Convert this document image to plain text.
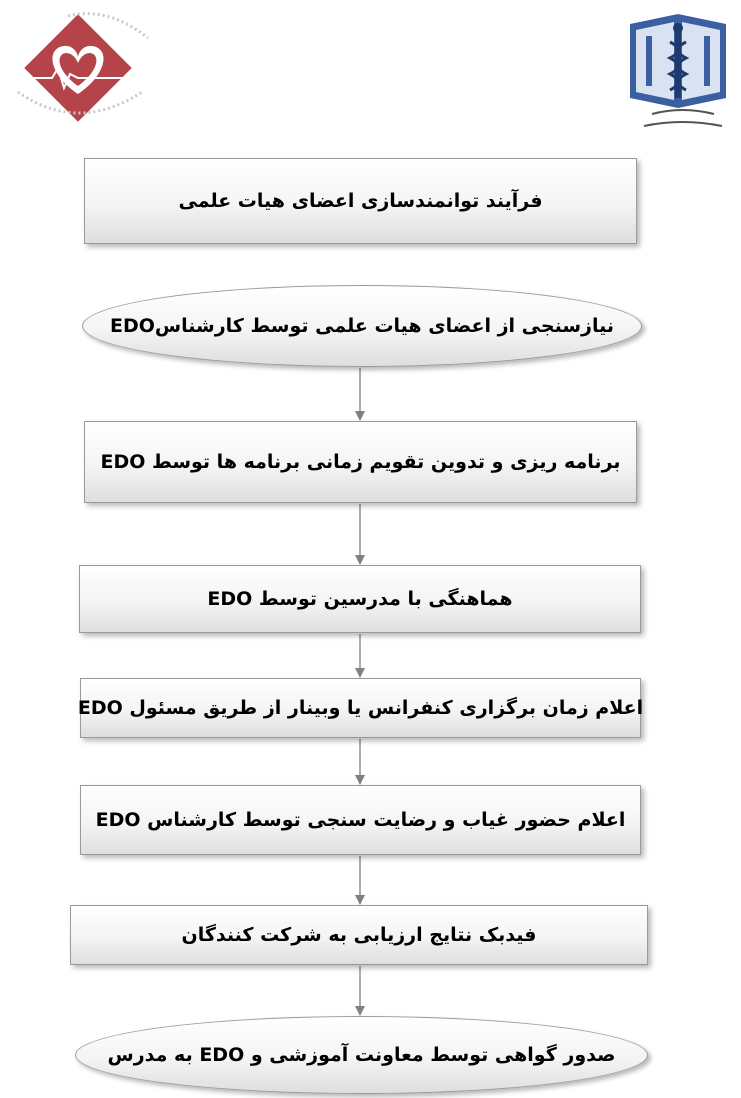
فرآیند توانمندسازی اعضای هیات علمی
نیازسنجی از اعضای هیات علمی توسط کارشناسEDO
برنامه ریزی و تدوین تقویم زمانی برنامه ها توسط EDO
هماهنگی با مدرسین توسط EDO
اعلام زمان برگزاری کنفرانس یا وبینار از طریق مسئول EDO
اعلام حضور غیاب و رضایت سنجی توسط کارشناس EDO
فیدبک نتایج ارزیابی به شرکت کنندگان
صدور گواهی توسط معاونت آموزشی و EDO به مدرس
